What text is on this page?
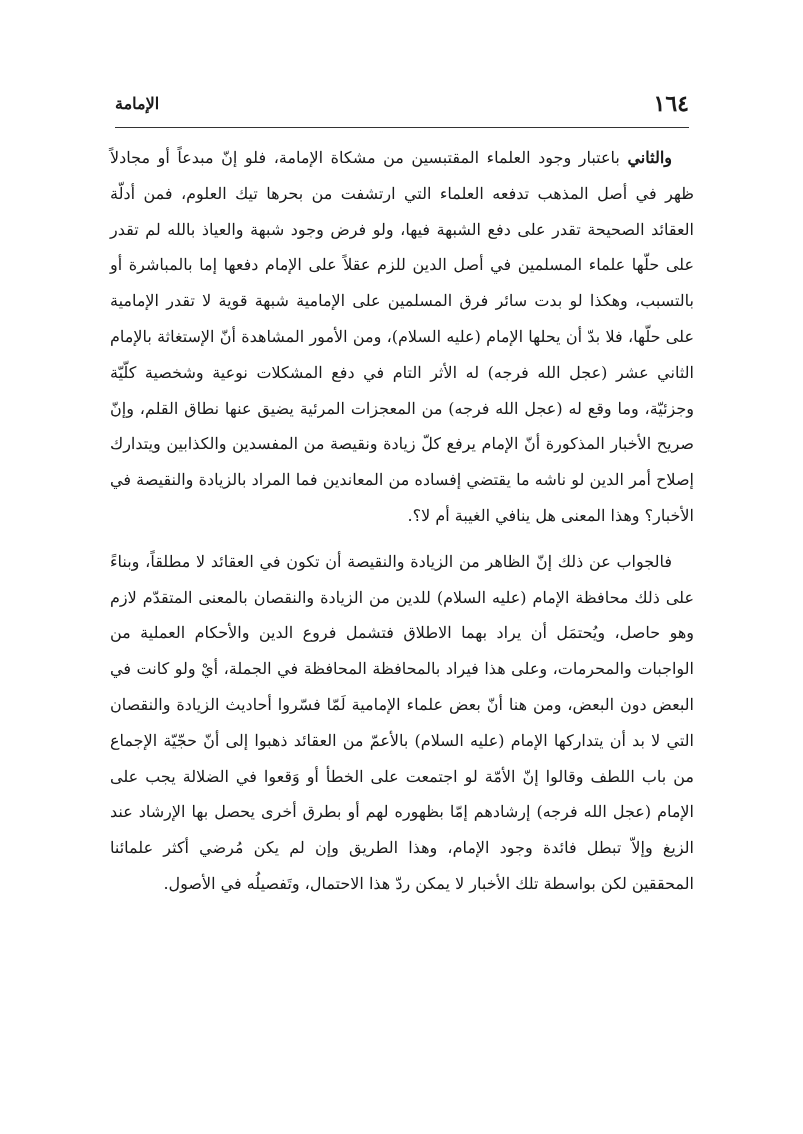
١٦٤
الإمامة

والثاني باعتبار وجود العلماء المقتبسين من مشكاة الإمامة، فلو إنّ مبدعاً أو مجادلاً ظهر في أصل المذهب تدفعه العلماء التي ارتشفت من بحرها تيك العلوم، فمن أدلّة العقائد الصحيحة تقدر على دفع الشبهة فيها، ولو فرض وجود شبهة والعياذ بالله لم تقدر على حلّها علماء المسلمين في أصل الدين للزم عقلاً على الإمام دفعها إما بالمباشرة أو بالتسبب، وهكذا لو بدت سائر فرق المسلمين على الإمامية شبهة قوية لا تقدر الإمامية على حلّها، فلا بدّ أن يحلها الإمام (عليه السلام)، ومن الأمور المشاهدة أنّ الإستغاثة بالإمام الثاني عشر (عجل الله فرجه) له الأثر التام في دفع المشكلات نوعية وشخصية كلّيّة وجزئيّة، وما وقع له (عجل الله فرجه) من المعجزات المرئية يضيق عنها نطاق القلم، وإنّ صريح الأخبار المذكورة أنّ الإمام يرفع كلّ زيادة ونقيصة من المفسدين والكذابين ويتدارك إصلاح أمر الدين لو ناشه ما يقتضي إفساده من المعاندين فما المراد بالزيادة والنقيصة في الأخبار؟ وهذا المعنى هل ينافي الغيبة أم لا؟.

فالجواب عن ذلك إنّ الظاهر من الزيادة والنقيصة أن تكون في العقائد لا مطلقاً، وبناءً على ذلك محافظة الإمام (عليه السلام) للدين من الزيادة والنقصان بالمعنى المتقدّم لازم وهو حاصل، ويُحتمَل أن يراد بهما الاطلاق فتشمل فروع الدين والأحكام العملية من الواجبات والمحرمات، وعلى هذا فيراد بالمحافظة المحافظة في الجملة، أيْ ولو كانت في البعض دون البعض، ومن هنا أنّ بعض علماء الإمامية لَمّا فسّروا أحاديث الزيادة والنقصان التي لا بد أن يتداركها الإمام (عليه السلام) بالأعمّ من العقائد ذهبوا إلى أنّ حجّيّة الإجماع من باب اللطف وقالوا إنّ الأمّة لو اجتمعت على الخطأ أو وَقعوا في الضلالة يجب على الإمام (عجل الله فرجه) إرشادهم إمّا بظهوره لهم أو بطرق أخرى يحصل بها الإرشاد عند الزيغ وإلاّ تبطل فائدة وجود الإمام، وهذا الطريق وإن لم يكن مُرضي أكثر علمائنا المحققين لكن بواسطة تلك الأخبار لا يمكن ردّ هذا الاحتمال، وتَفصيلُه في الأصول.
